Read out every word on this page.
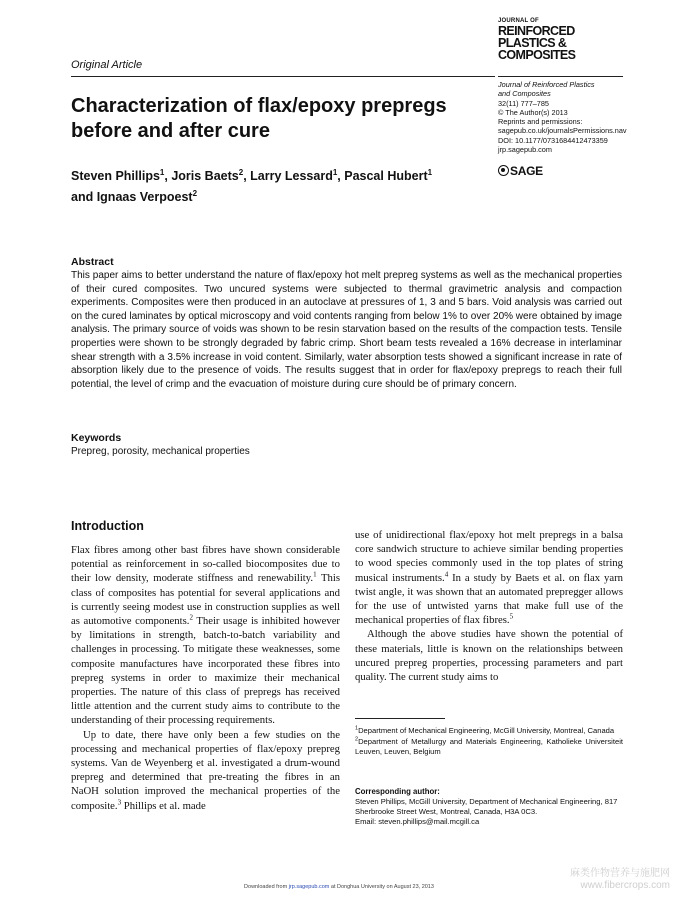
Original Article
JOURNAL OF
REINFORCED
PLASTICS &
COMPOSITES
Journal of Reinforced Plastics
and Composites
32(11) 777–785
© The Author(s) 2013
Reprints and permissions:
sagepub.co.uk/journalsPermissions.nav
DOI: 10.1177/0731684412473359
jrp.sagepub.com
SAGE
Characterization of flax/epoxy prepregs before and after cure
Steven Phillips$^1$, Joris Baets$^2$, Larry Lessard$^1$, Pascal Hubert$^1$
and Ignaas Verpoest$^2$
Abstract
This paper aims to better understand the nature of flax/epoxy hot melt prepreg systems as well as the mechanical properties of their cured composites. Two uncured systems were subjected to thermal gravimetric analysis and compaction experiments. Composites were then produced in an autoclave at pressures of 1, 3 and 5 bars. Void analysis was carried out on the cured laminates by optical microscopy and void contents ranging from below 1% to over 20% were obtained by image analysis. The primary source of voids was shown to be resin starvation based on the results of the compaction tests. Tensile properties were shown to be strongly degraded by fabric crimp. Short beam tests revealed a 16% decrease in interlaminar shear strength with a 3.5% increase in void content. Similarly, water absorption tests showed a significant increase in rate of absorption likely due to the presence of voids. The results suggest that in order for flax/epoxy prepregs to reach their full potential, the level of crimp and the evacuation of moisture during cure should be of primary concern.
Keywords
Prepreg, porosity, mechanical properties
Introduction

Flax fibres among other bast fibres have shown considerable potential as reinforcement in so-called biocomposites due to their low density, moderate stiffness and renewability.$^1$ This class of composites has potential for several applications and is currently seeing modest use in construction supplies as well as automotive components.$^2$ Their usage is inhibited however by limitations in strength, batch-to-batch variability and challenges in processing. To mitigate these weaknesses, some composite manufactures have incorporated these fibres into prepreg systems in order to maximize their mechanical properties. The nature of this class of prepregs has received little attention and the current study aims to contribute to the understanding of their processing requirements.

Up to date, there have only been a few studies on the processing and mechanical properties of flax/epoxy prepreg systems. Van de Weyenberg et al. investigated a drum-wound prepreg and determined that pre-treating the fibres in an NaOH solution improved the mechanical properties of the composite.$^3$ Phillips et al. made

use of unidirectional flax/epoxy hot melt prepregs in a balsa core sandwich structure to achieve similar bending properties to wood species commonly used in the top plates of string musical instruments.$^4$ In a study by Baets et al. on flax yarn twist angle, it was shown that an automated prepregger allows for the use of untwisted yarns that make full use of the mechanical properties of flax fibres.$^5$

Although the above studies have shown the potential of these materials, little is known on the relationships between uncured prepreg properties, processing parameters and part quality. The current study aims to

$^1$Department of Mechanical Engineering, McGill University, Montreal, Canada

$^2$Department of Metallurgy and Materials Engineering, Katholieke Universiteit Leuven, Leuven, Belgium

Corresponding author:
Steven Phillips, McGill University, Department of Mechanical Engineering, 817 Sherbrooke Street West, Montreal, Canada, H3A 0C3.
Email: steven.phillips@mail.mcgill.ca
Downloaded from jrp.sagepub.com at Donghua University on August 23, 2013
麻类作物营养与施肥网
www.fibercrops.com
